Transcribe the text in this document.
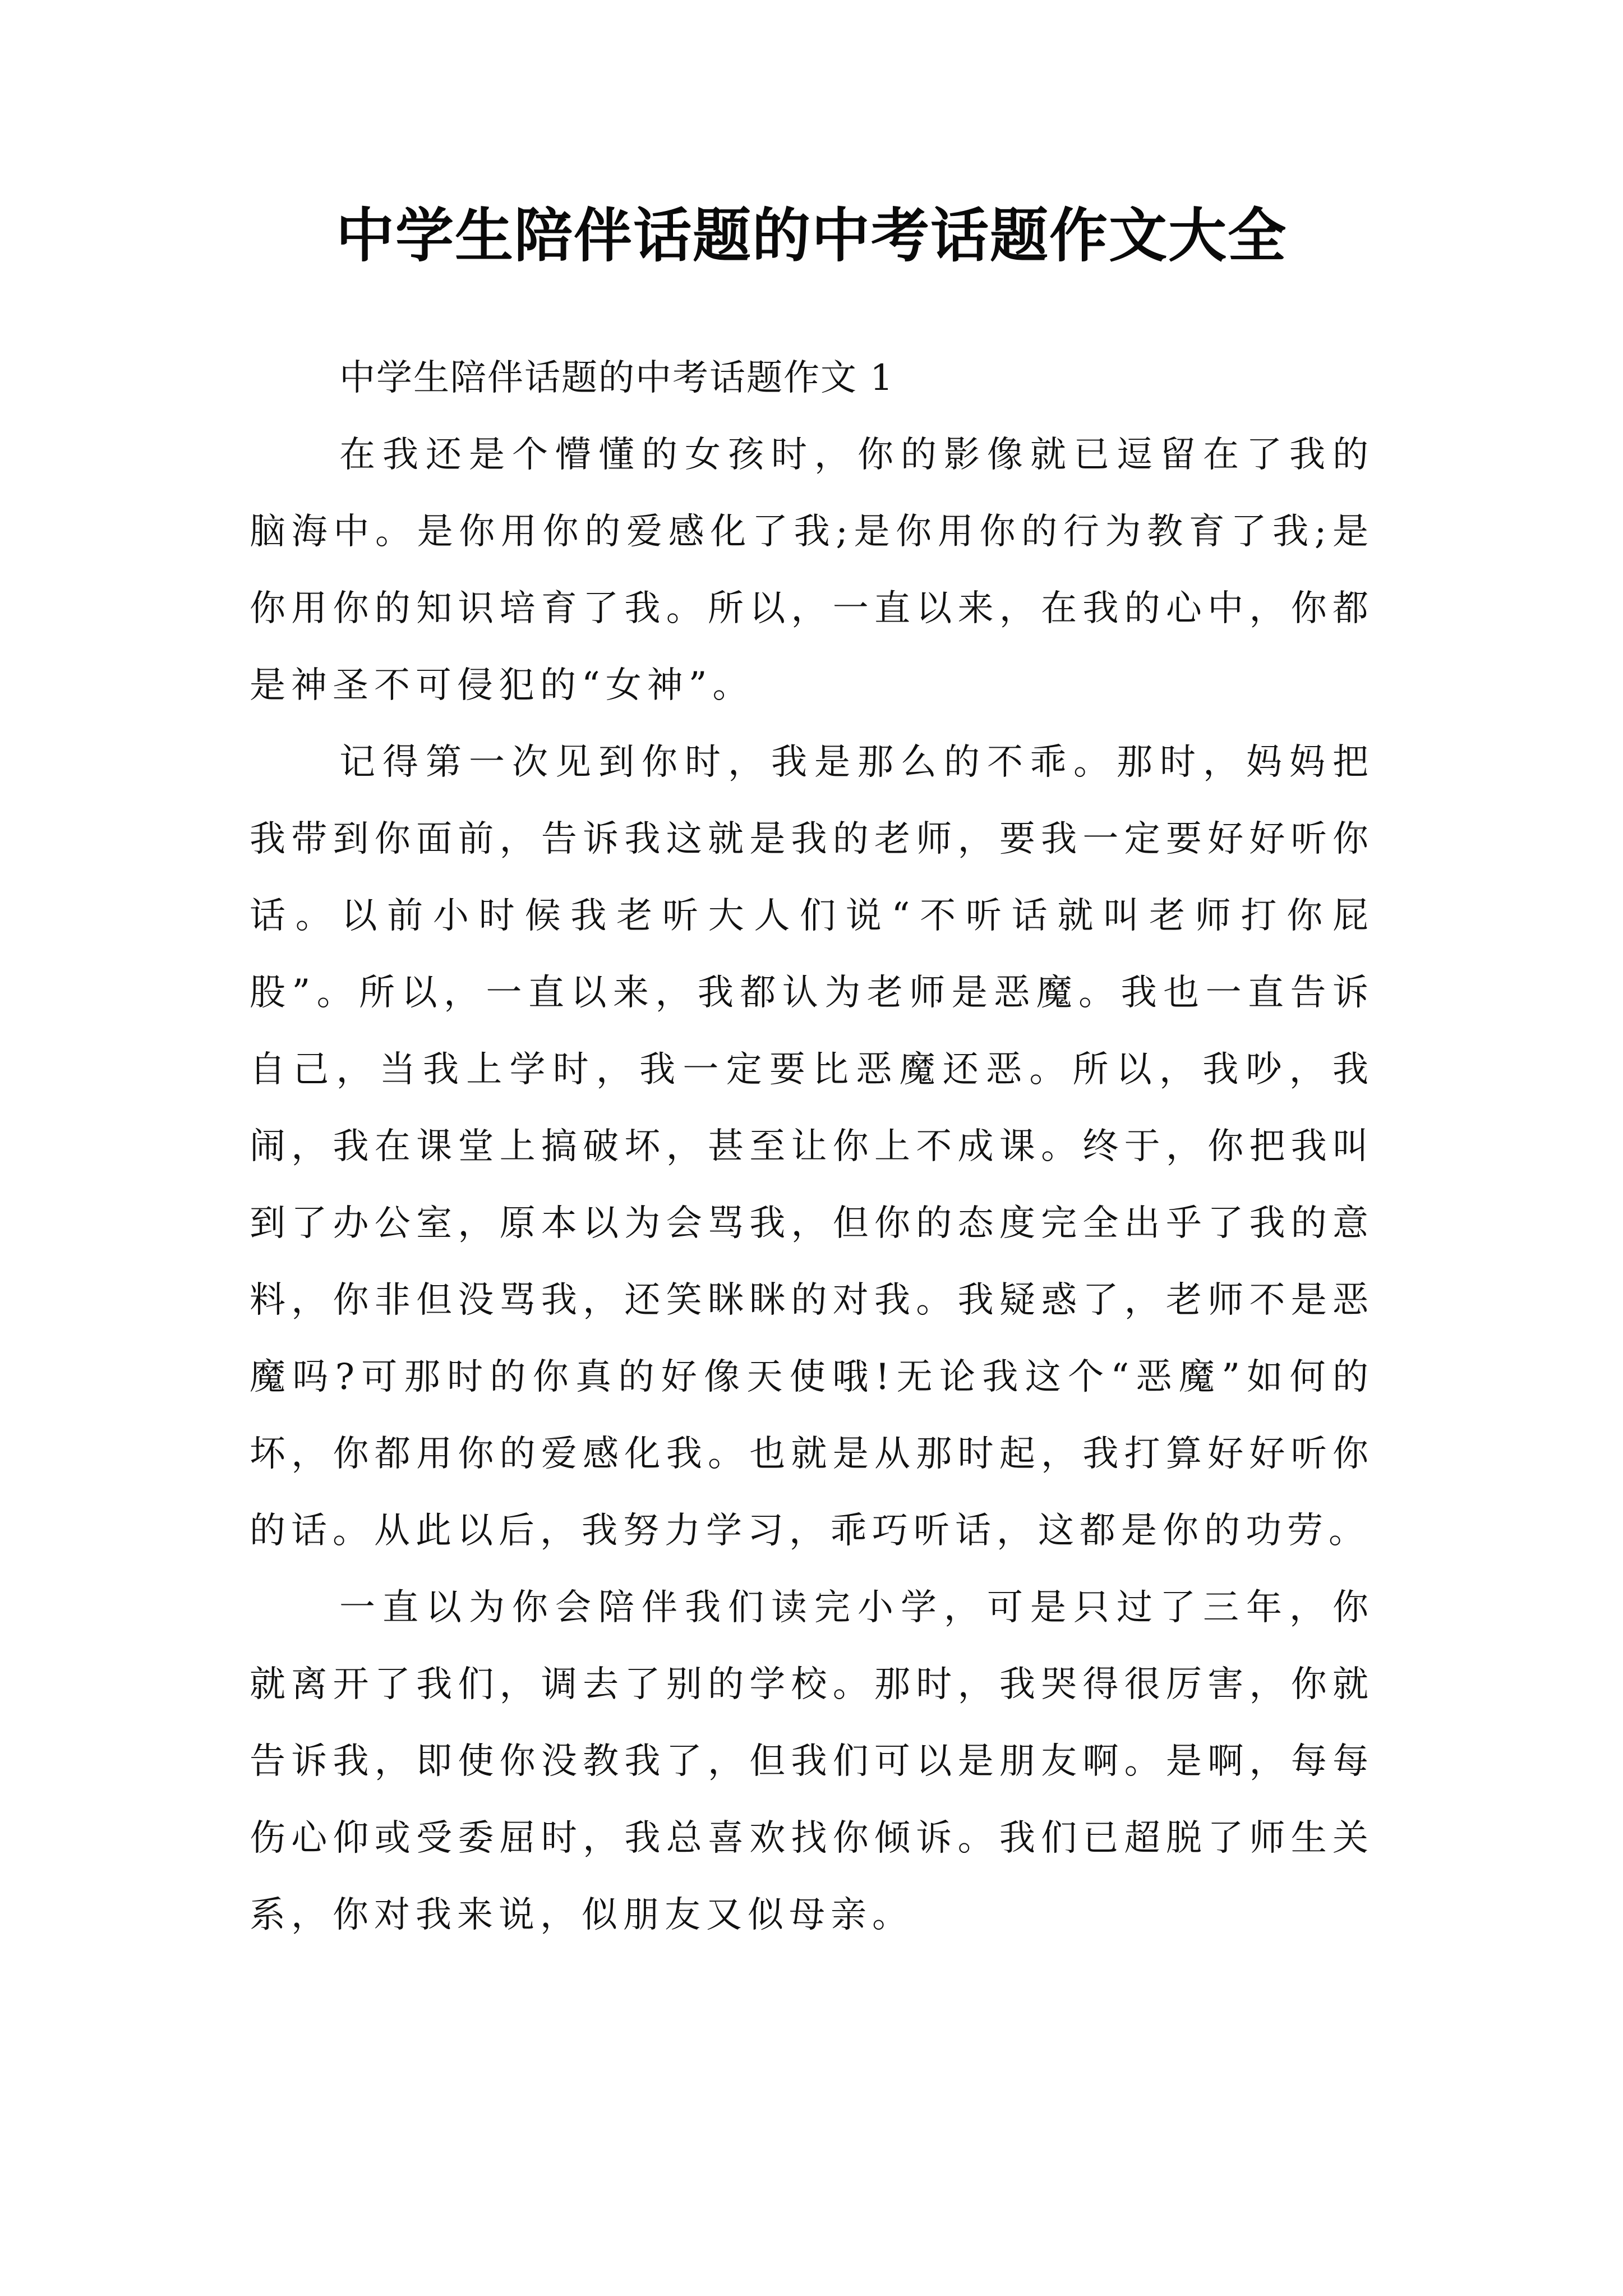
中学生陪伴话题的中考话题作文大全

中学生陪伴话题的中考话题作文 1

在我还是个懵懂的女孩时，你的影像就已逗留在了我的脑海中。是你用你的爱感化了我;是你用你的行为教育了我;是你用你的知识培育了我。所以，一直以来，在我的心中，你都是神圣不可侵犯的“女神”。

记得第一次见到你时，我是那么的不乖。那时，妈妈把我带到你面前，告诉我这就是我的老师，要我一定要好好听你话。以前小时候我老听大人们说“不听话就叫老师打你屁股”。所以，一直以来，我都认为老师是恶魔。我也一直告诉自己，当我上学时，我一定要比恶魔还恶。所以，我吵，我闹，我在课堂上搞破坏，甚至让你上不成课。终于，你把我叫到了办公室，原本以为会骂我，但你的态度完全出乎了我的意料，你非但没骂我，还笑眯眯的对我。我疑惑了，老师不是恶魔吗?可那时的你真的好像天使哦!无论我这个“恶魔”如何的坏，你都用你的爱感化我。也就是从那时起，我打算好好听你的话。从此以后，我努力学习，乖巧听话，这都是你的功劳。

一直以为你会陪伴我们读完小学，可是只过了三年，你就离开了我们，调去了别的学校。那时，我哭得很厉害，你就告诉我，即使你没教我了，但我们可以是朋友啊。是啊，每每伤心仰或受委屈时，我总喜欢找你倾诉。我们已超脱了师生关系，你对我来说，似朋友又似母亲。
